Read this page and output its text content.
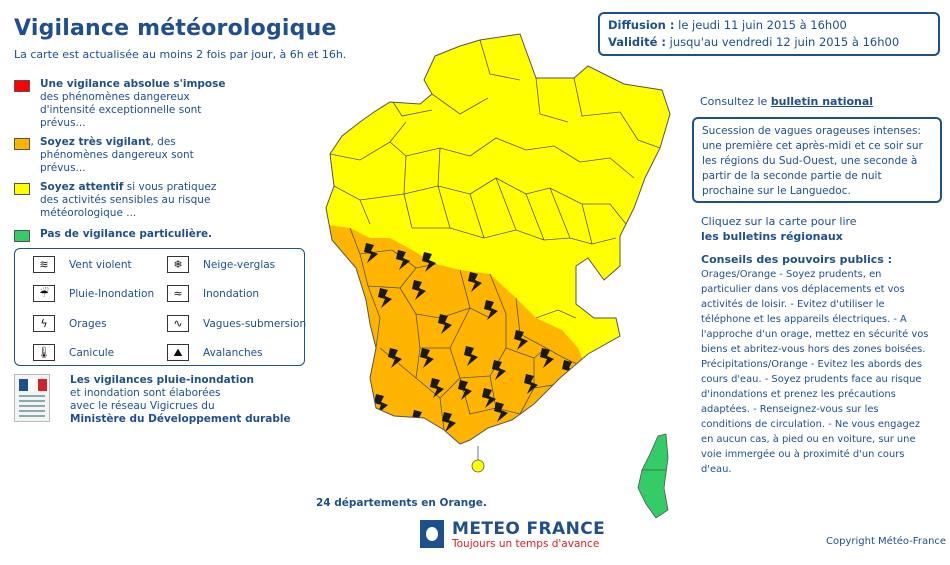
Vigilance météorologique
La carte est actualisée au moins 2 fois par jour, à 6h et 16h.
Diffusion : le jeudi 11 juin 2015 à 16h00
Validité : jusqu'au vendredi 12 juin 2015 à 16h00
Une vigilance absolue s'impose
des phénomènes dangereux d'intensité exceptionnelle sont prévus...
Soyez très vigilant, des
phénomènes dangereux sont prévus...
Soyez attentif si vous pratiquez
des activités sensibles au risque météorologique ...
Pas de vigilance particulière.
≋	Vent violent	❄	Neige-verglas
☔	Pluie-Inondation	≈	Inondation
ϟ	Orages	∿	Vagues-submersion
🌡	Canicule	⛰	Avalanches
Les vigilances pluie-inondation
et inondation sont élaborées
avec le réseau Vigicrues du
Ministère du Développement durable
24 départements en Orange.
METEO FRANCE
Toujours un temps d'avance	Copyright Météo-France
Consultez le bulletin national
Sucession de vagues orageuses intenses: une première cet après-midi et ce soir sur les régions du Sud-Ouest, une seconde à partir de la seconde partie de nuit prochaine sur le Languedoc.
Cliquez sur la carte pour lire
les bulletins régionaux
Conseils des pouvoirs publics :
Orages/Orange - Soyez prudents, en particulier dans vos déplacements et vos activités de loisir. - Evitez d'utiliser le téléphone et les appareils électriques. - A l'approche d'un orage, mettez en sécurité vos biens et abritez-vous hors des zones boisées. Précipitations/Orange - Evitez les abords des cours d'eau. - Soyez prudents face au risque d'inondations et prenez les précautions adaptées. - Renseignez-vous sur les conditions de circulation. - Ne vous engagez en aucun cas, à pied ou en voiture, sur une voie immergée ou à proximité d'un cours d'eau.
